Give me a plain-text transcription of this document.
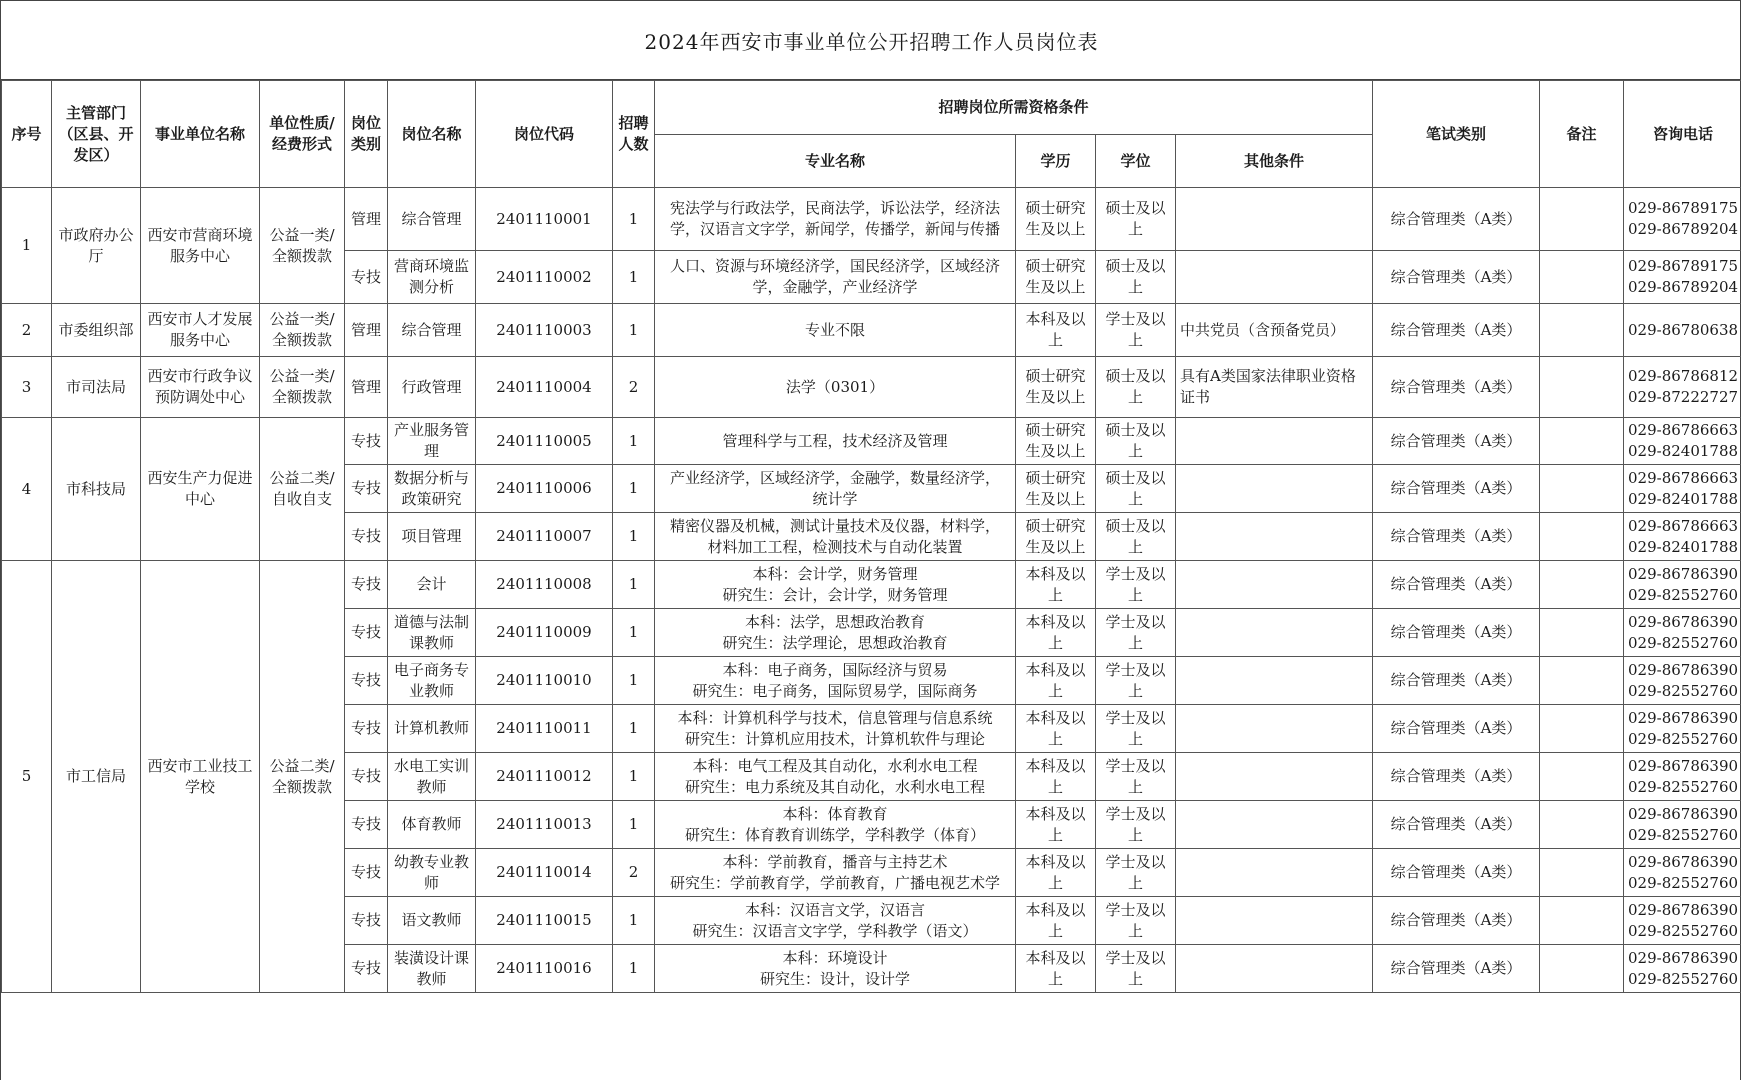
2024年西安市事业单位公开招聘工作人员岗位表
序号	主管部门（区县、开发区）	事业单位名称	单位性质/经费形式	岗位类别	岗位名称	岗位代码	招聘人数	招聘岗位所需资格条件				笔试类别	备注	咨询电话
								专业名称	学历	学位	其他条件			
1	市政府办公厅	西安市营商环境服务中心	公益一类/全额拨款	管理	综合管理	2401110001	1	宪法学与行政法学，民商法学，诉讼法学，经济法
学，汉语言文字学，新闻学，传播学，新闻与传播	硕士研究生及以上	硕士及以上		综合管理类（A类）		029-86789175
029-86789204

				专技	营商环境监测分析	2401110002	1	人口、资源与环境经济学，国民经济学，区域经济
学，金融学，产业经济学	硕士研究生及以上	硕士及以上		综合管理类（A类）		029-86789175
029-86789204

2	市委组织部	西安市人才发展服务中心	公益一类/全额拨款	管理	综合管理	2401110003	1	专业不限	本科及以上	学士及以上	中共党员（含预备党员）	综合管理类（A类）		029-86780638

3	市司法局	西安市行政争议预防调处中心	公益一类/全额拨款	管理	行政管理	2401110004	2	法学（0301）	硕士研究生及以上	硕士及以上	具有A类国家法律职业资格证书	综合管理类（A类）		029-86786812
029-87222727

4	市科技局	西安生产力促进中心	公益二类/自收自支	专技	产业服务管理	2401110005	1	管理科学与工程，技术经济及管理	硕士研究生及以上	硕士及以上		综合管理类（A类）		029-86786663
029-82401788

				专技	数据分析与政策研究	2401110006	1	产业经济学，区域经济学，金融学，数量经济学，
统计学	硕士研究生及以上	硕士及以上		综合管理类（A类）		029-86786663
029-82401788

				专技	项目管理	2401110007	1	精密仪器及机械，测试计量技术及仪器，材料学，
材料加工工程，检测技术与自动化装置	硕士研究生及以上	硕士及以上		综合管理类（A类）		029-86786663
029-82401788

5	市工信局	西安市工业技工学校	公益二类/全额拨款	专技	会计	2401110008	1	本科：会计学，财务管理
研究生：会计，会计学，财务管理	本科及以上	学士及以上		综合管理类（A类）		029-86786390
029-82552760

				专技	道德与法制课教师	2401110009	1	本科：法学，思想政治教育
研究生：法学理论，思想政治教育	本科及以上	学士及以上		综合管理类（A类）		029-86786390
029-82552760

				专技	电子商务专业教师	2401110010	1	本科：电子商务，国际经济与贸易
研究生：电子商务，国际贸易学，国际商务	本科及以上	学士及以上		综合管理类（A类）		029-86786390
029-82552760

				专技	计算机教师	2401110011	1	本科：计算机科学与技术，信息管理与信息系统
研究生：计算机应用技术，计算机软件与理论	本科及以上	学士及以上		综合管理类（A类）		029-86786390
029-82552760

				专技	水电工实训教师	2401110012	1	本科：电气工程及其自动化，水利水电工程
研究生：电力系统及其自动化，水利水电工程	本科及以上	学士及以上		综合管理类（A类）		029-86786390
029-82552760

				专技	体育教师	2401110013	1	本科：体育教育
研究生：体育教育训练学，学科教学（体育）	本科及以上	学士及以上		综合管理类（A类）		029-86786390
029-82552760

				专技	幼教专业教师	2401110014	2	本科：学前教育，播音与主持艺术
研究生：学前教育学，学前教育，广播电视艺术学	本科及以上	学士及以上		综合管理类（A类）		029-86786390
029-82552760

				专技	语文教师	2401110015	1	本科：汉语言文学，汉语言
研究生：汉语言文字学，学科教学（语文）	本科及以上	学士及以上		综合管理类（A类）		029-86786390
029-82552760

				专技	装潢设计课教师	2401110016	1	本科：环境设计
研究生：设计，设计学	本科及以上	学士及以上		综合管理类（A类）		029-86786390
029-82552760
